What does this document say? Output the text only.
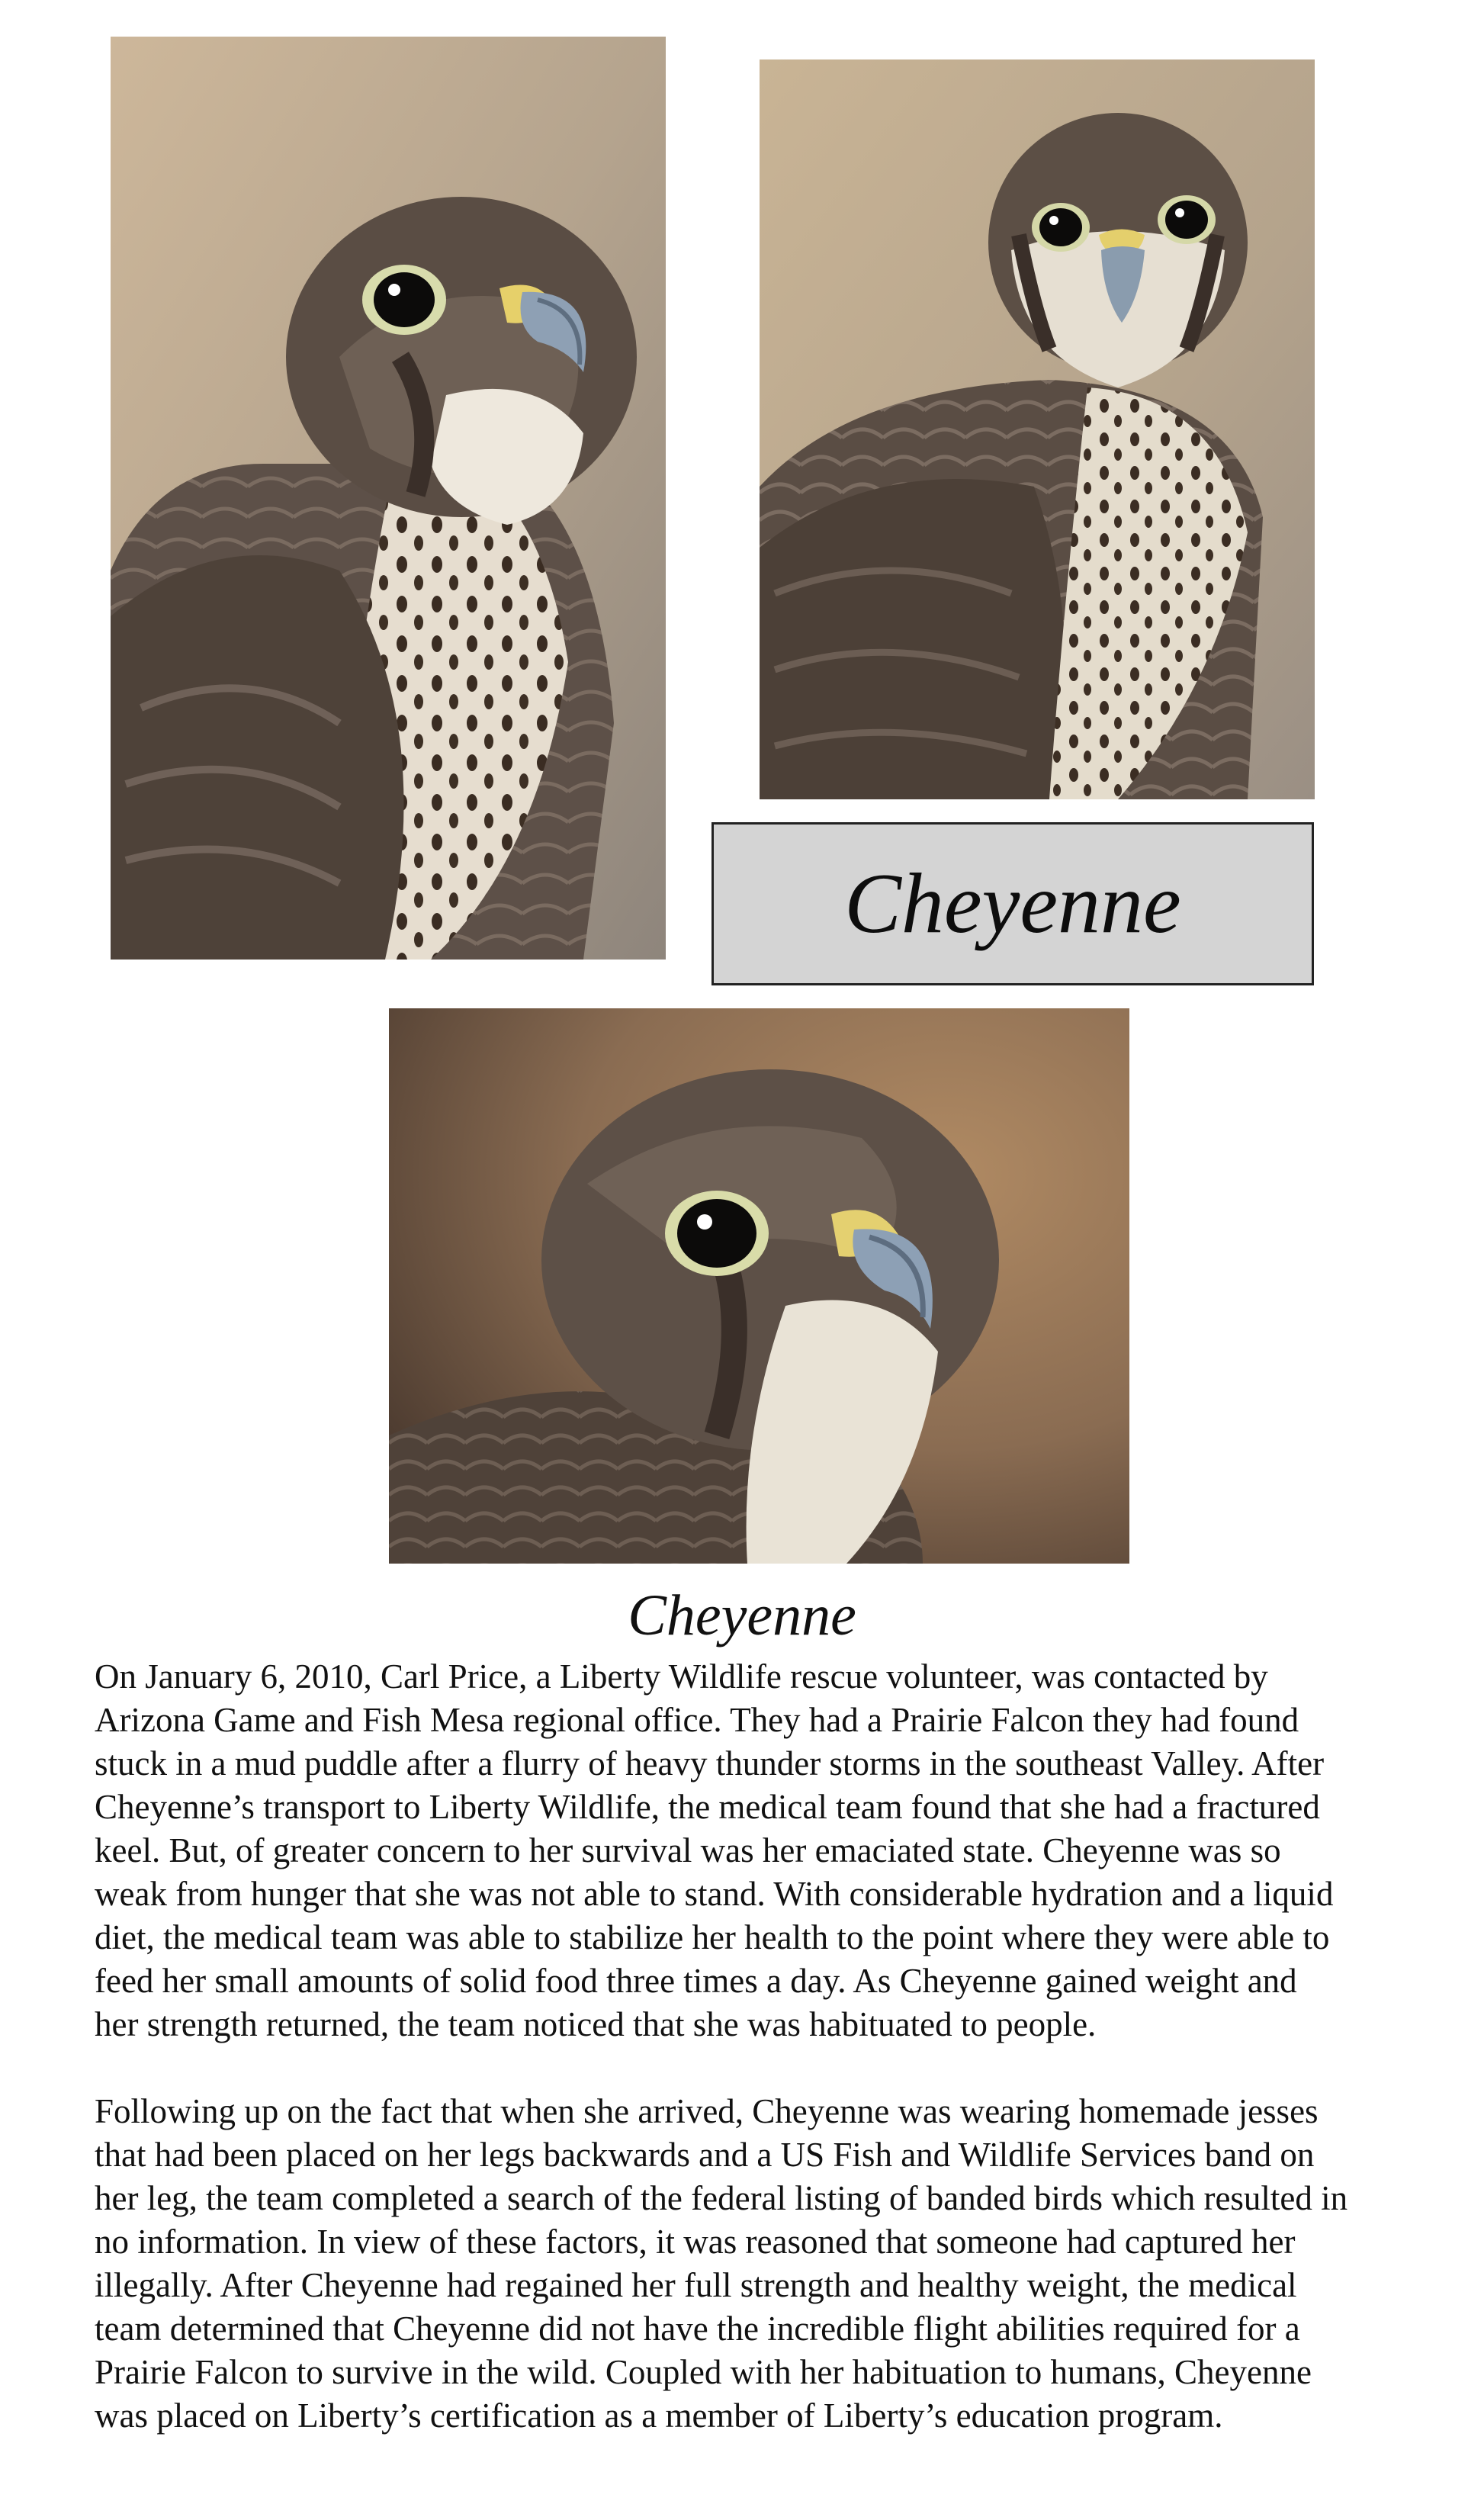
Cheyenne
Cheyenne

On January 6, 2010, Carl Price, a Liberty Wildlife rescue volunteer, was contacted by

Arizona Game and Fish Mesa regional office. They had a Prairie Falcon they had found

stuck in a mud puddle after a flurry of heavy thunder storms in the southeast Valley. After

Cheyenne’s transport to Liberty Wildlife, the medical team found that she had a fractured

keel. But, of greater concern to her survival was her emaciated state. Cheyenne was so

weak from hunger that she was not able to stand. With considerable hydration and a liquid

diet, the medical team was able to stabilize her health to the point where they were able to

feed her small amounts of solid food three times a day. As Cheyenne gained weight and

her strength returned, the team noticed that she was habituated to people.

Following up on the fact that when she arrived, Cheyenne was wearing homemade jesses

that had been placed on her legs backwards and a US Fish and Wildlife Services band on

her leg, the team completed a search of the federal listing of banded birds which resulted in

no information. In view of these factors, it was reasoned that someone had captured her

illegally. After Cheyenne had regained her full strength and healthy weight, the medical

team determined that Cheyenne did not have the incredible flight abilities required for a

Prairie Falcon to survive in the wild. Coupled with her habituation to humans, Cheyenne

was placed on Liberty’s certification as a member of Liberty’s education program.
